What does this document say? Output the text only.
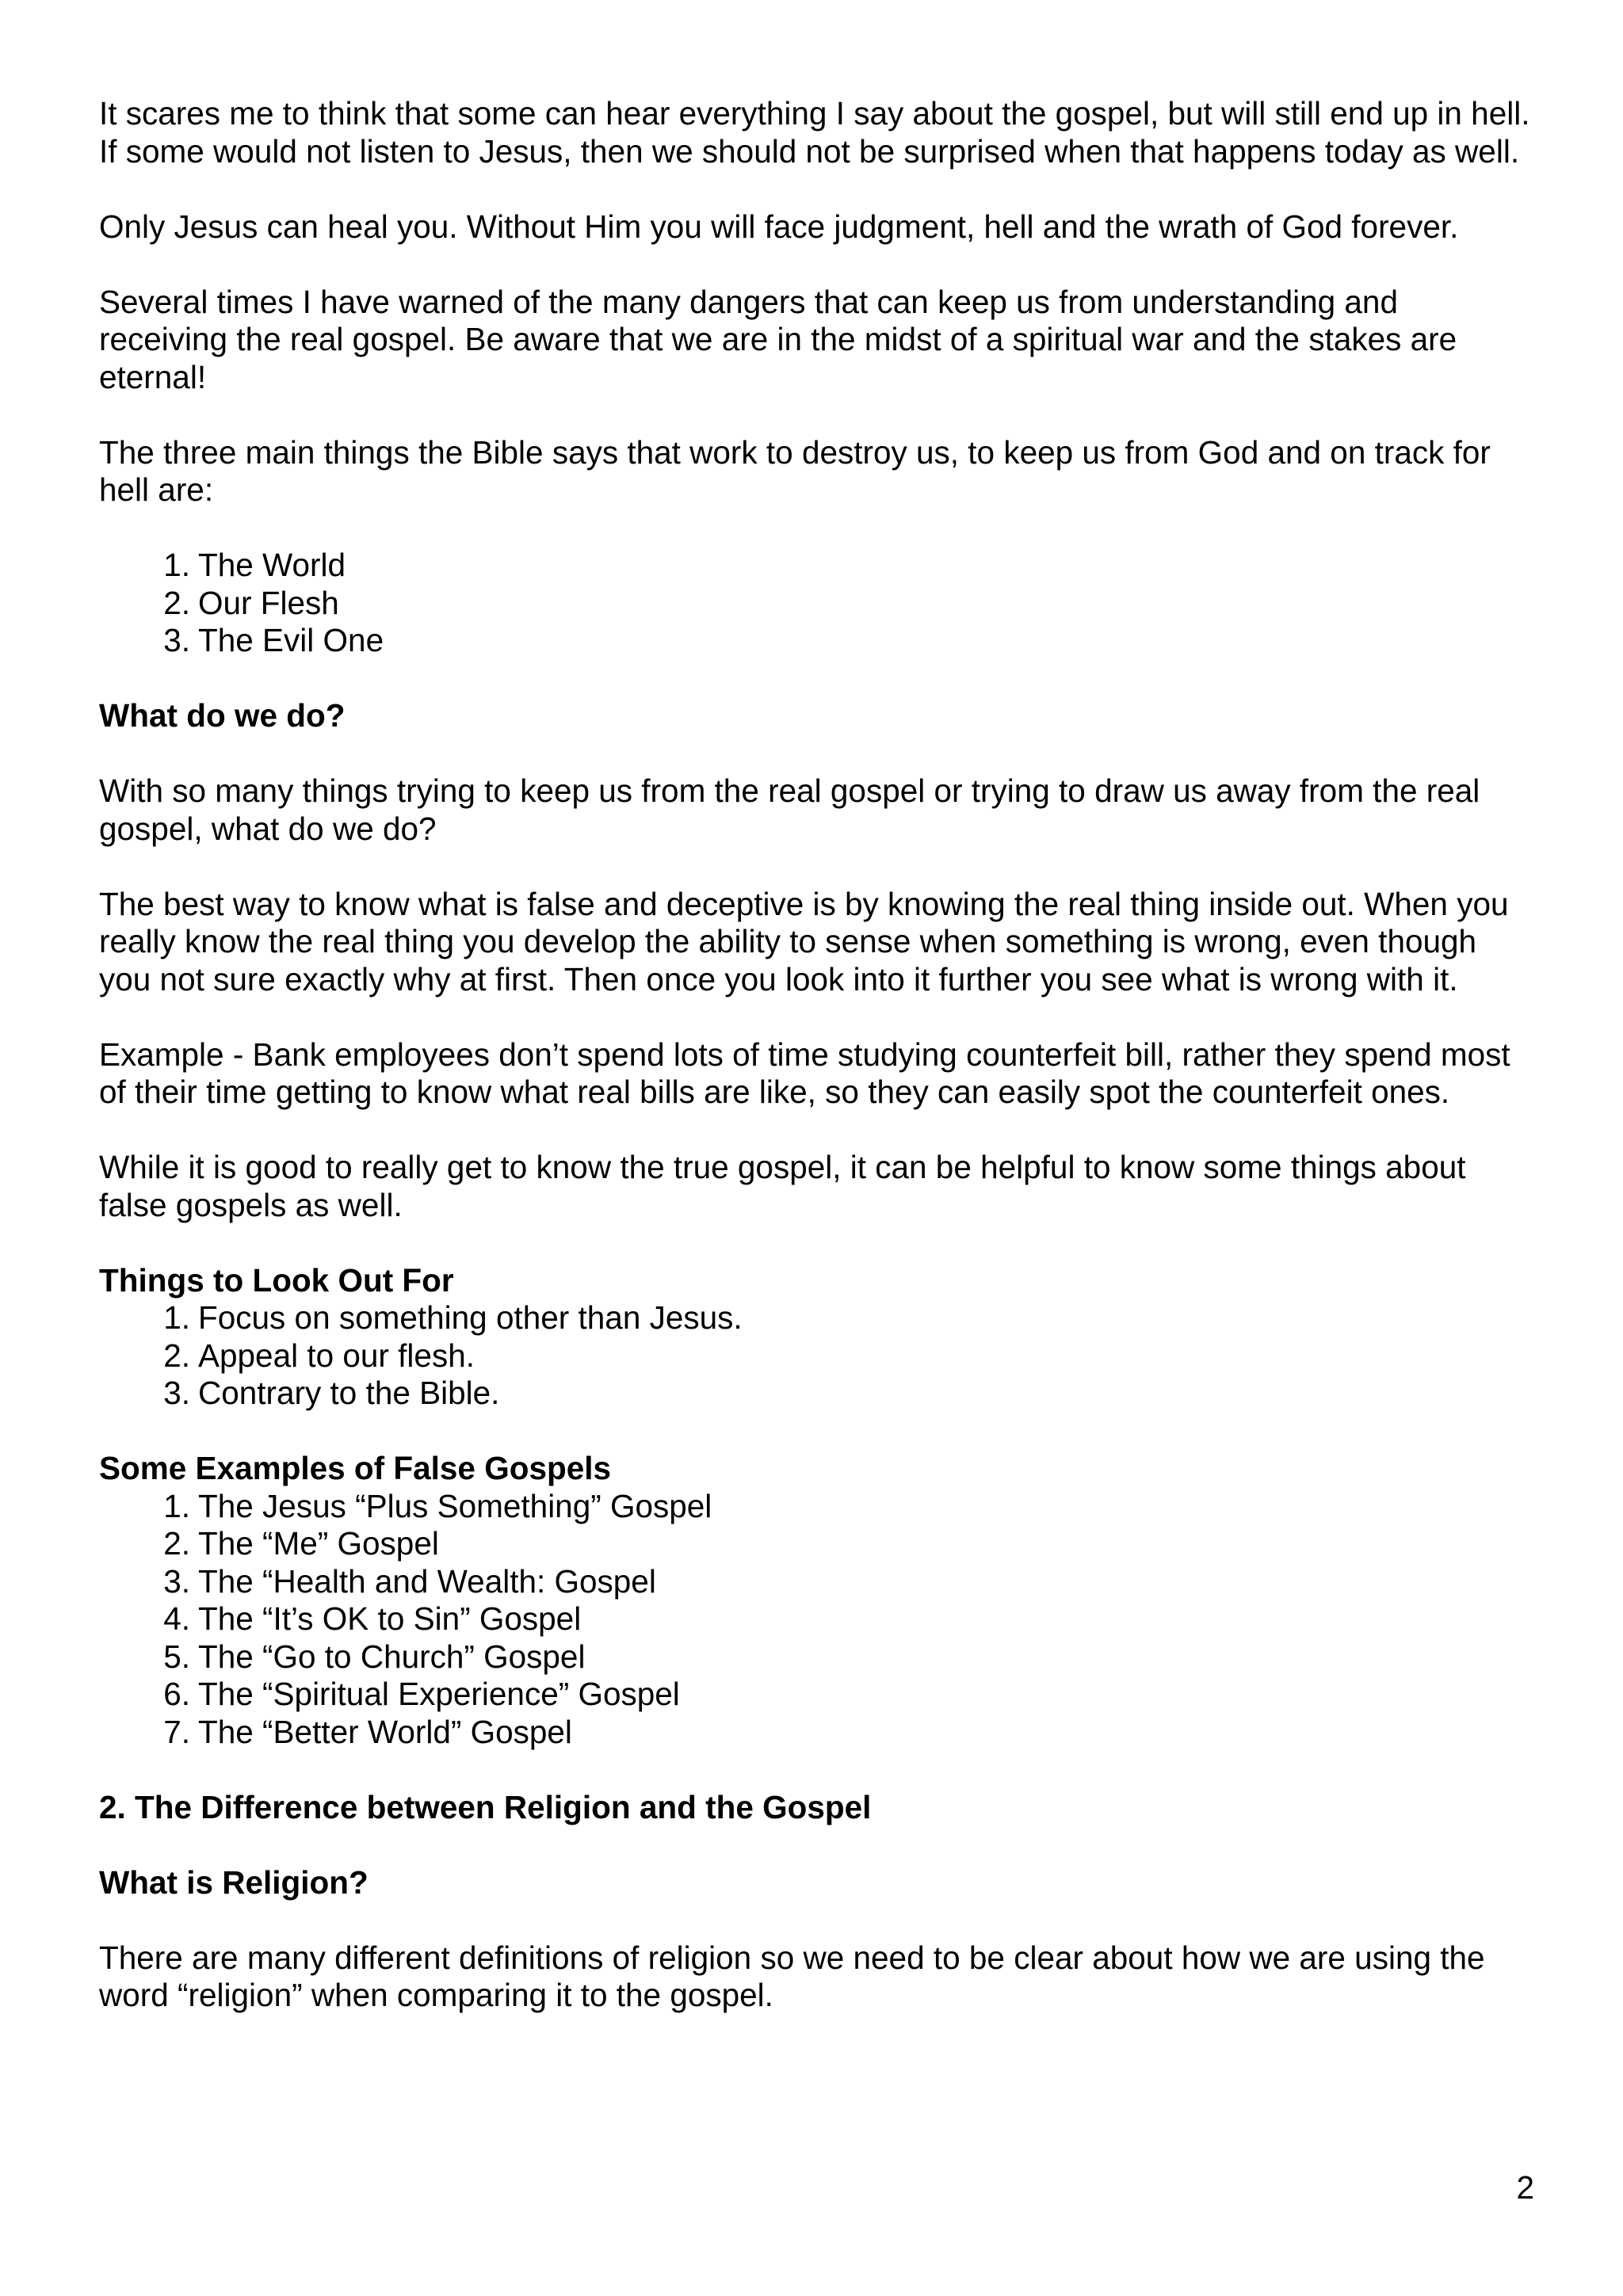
It scares me to think that some can hear everything I say about the gospel, but will still end up in hell. If some would not listen to Jesus, then we should not be surprised when that happens today as well.

Only Jesus can heal you. Without Him you will face judgment, hell and the wrath of God forever.

Several times I have warned of the many dangers that can keep us from understanding and receiving the real gospel. Be aware that we are in the midst of a spiritual war and the stakes are eternal!

The three main things the Bible says that work to destroy us, to keep us from God and on track for hell are:

1. The World
2. Our Flesh
3. The Evil One
What do we do?

With so many things trying to keep us from the real gospel or trying to draw us away from the real gospel, what do we do?

The best way to know what is false and deceptive is by knowing the real thing inside out. When you really know the real thing you develop the ability to sense when something is wrong, even though you not sure exactly why at first. Then once you look into it further you see what is wrong with it.

Example - Bank employees don’t spend lots of time studying counterfeit bill, rather they spend most of their time getting to know what real bills are like, so they can easily spot the counterfeit ones.

While it is good to really get to know the true gospel, it can be helpful to know some things about false gospels as well.

Things to Look Out For
1. Focus on something other than Jesus.
2. Appeal to our flesh.
3. Contrary to the Bible.
Some Examples of False Gospels
1. The Jesus “Plus Something” Gospel
2. The “Me” Gospel
3. The “Health and Wealth: Gospel
4. The “It’s OK to Sin” Gospel
5. The “Go to Church” Gospel
6. The “Spiritual Experience” Gospel
7. The “Better World” Gospel
2. The Difference between Religion and the Gospel
What is Religion?

There are many different definitions of religion so we need to be clear about how we are using the word “religion” when comparing it to the gospel.

2
